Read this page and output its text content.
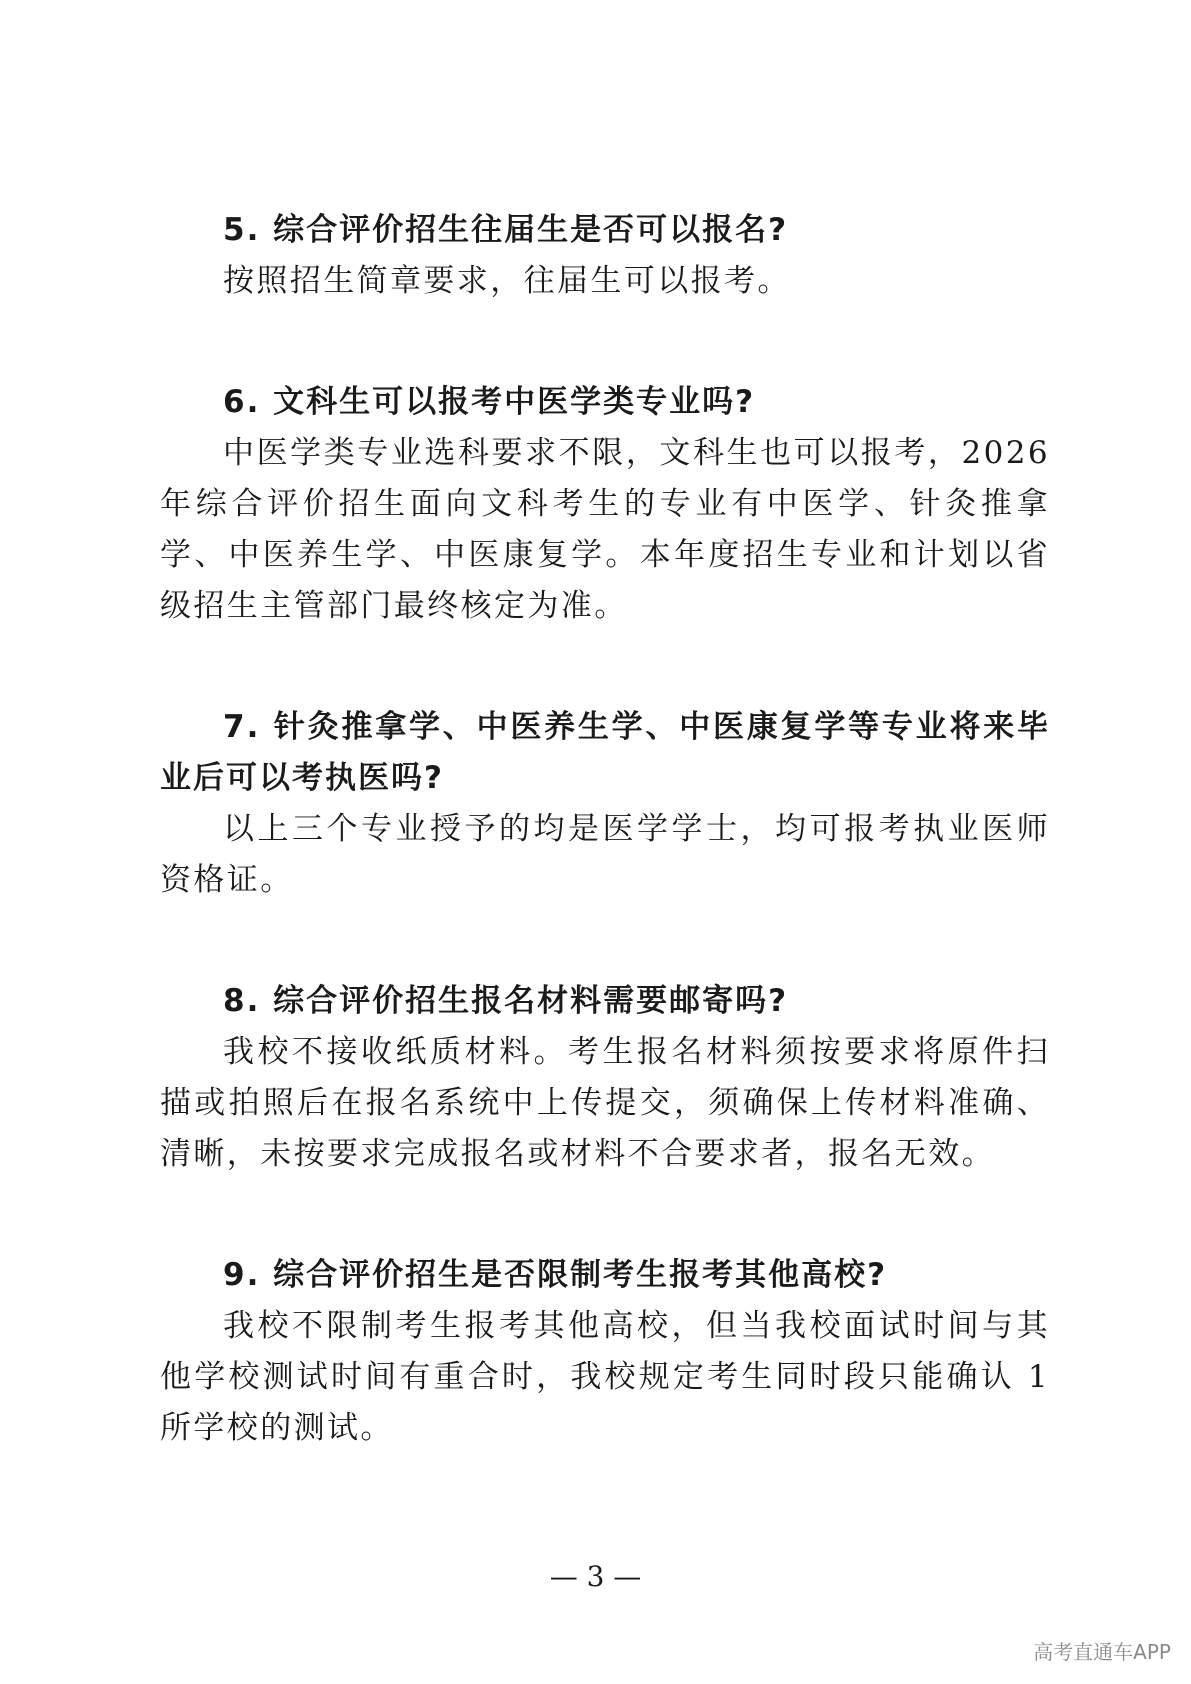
5. 综合评价招生往届生是否可以报名?

按照招生简章要求，往届生可以报考。

6. 文科生可以报考中医学类专业吗?

中医学类专业选科要求不限，文科生也可以报考，2026 年综合评价招生面向文科考生的专业有中医学、针灸推拿学、中医养生学、中医康复学。本年度招生专业和计划以省级招生主管部门最终核定为准。

7. 针灸推拿学、中医养生学、中医康复学等专业将来毕业后可以考执医吗?

以上三个专业授予的均是医学学士，均可报考执业医师资格证。

8. 综合评价招生报名材料需要邮寄吗?

我校不接收纸质材料。考生报名材料须按要求将原件扫描或拍照后在报名系统中上传提交，须确保上传材料准确、清晰，未按要求完成报名或材料不合要求者，报名无效。

9. 综合评价招生是否限制考生报考其他高校?

我校不限制考生报考其他高校，但当我校面试时间与其他学校测试时间有重合时，我校规定考生同时段只能确认 1 所学校的测试。

— 3 —
高考直通车APP
